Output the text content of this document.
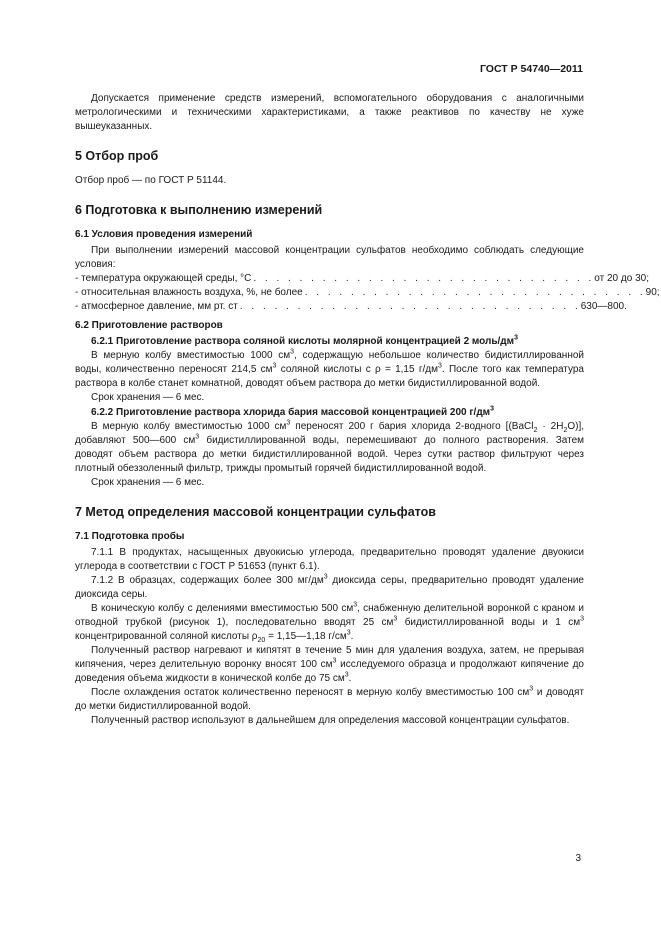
ГОСТ Р 54740—2011

Допускается применение средств измерений, вспомогательного оборудования с аналогичными метрологическими и техническими характеристиками, а также реактивов по качеству не хуже вышеуказанных.

5 Отбор проб

Отбор проб — по ГОСТ Р 51144.

6 Подготовка к выполнению измерений
6.1 Условия проведения измерений

При выполнении измерений массовой концентрации сульфатов необходимо соблюдать следующие условия:

- температура окружающей среды, °С . . . . . . . . . . . . . . . . . . . . . . . . . . . . . . от 20 до 30;
- относительная влажность воздуха, %, не более . . . . . . . . . . . . . . . . . . . . . . . . . . . . . . 90;
- атмосферное давление, мм рт. ст . . . . . . . . . . . . . . . . . . . . . . . . . . . . . . 630—800.
6.2 Приготовление растворов
6.2.1 Приготовление раствора соляной кислоты молярной концентрацией 2 моль/$дм^3$

В мерную колбу вместимостью 1000 $см^3$, содержащую небольшое количество бидистиллированной воды, количественно переносят 214,5 $см^3$ соляной кислоты с ρ = 1,15 $г/дм^3$. После того как температура раствора в колбе станет комнатной, доводят объем раствора до метки бидистиллированной водой.

Срок хранения — 6 мес.

6.2.2 Приготовление раствора хлорида бария массовой концентрацией 200 $г/дм^3$

В мерную колбу вместимостью 1000 $см^3$ переносят 200 г бария хлорида 2-водного [(BaCl$_2$ · $2H_2O$)], добавляют 500—600 $см^3$ бидистиллированной воды, перемешивают до полного растворения. Затем доводят объем раствора до метки бидистиллированной водой. Через сутки раствор фильтруют через плотный обеззоленный фильтр, трижды промытый горячей бидистиллированной водой.

Срок хранения — 6 мес.

7 Метод определения массовой концентрации сульфатов
7.1 Подготовка пробы

7.1.1 В продуктах, насыщенных двуокисью углерода, предварительно проводят удаление двуокиси углерода в соответствии с ГОСТ Р 51653 (пункт 6.1).

7.1.2 В образцах, содержащих более 300 $мг/дм^3$ диоксида серы, предварительно проводят удаление диоксида серы.

В коническую колбу с делениями вместимостью 500 $см^3$, снабженную делительной воронкой с краном и отводной трубкой (рисунок 1), последовательно вводят 25 $см^3$ бидистиллированной воды и 1 $см^3$ концентрированной соляной кислоты $\rho_{20}$ = 1,15—1,18 $г/см^3$.

Полученный раствор нагревают и кипятят в течение 5 мин для удаления воздуха, затем, не прерывая кипячения, через делительную воронку вносят 100 $см^3$ исследуемого образца и продолжают кипячение до доведения объема жидкости в конической колбе до 75 $см^3$.

После охлаждения остаток количественно переносят в мерную колбу вместимостью 100 $см^3$ и доводят до метки бидистиллированной водой.

Полученный раствор используют в дальнейшем для определения массовой концентрации сульфатов.

3
